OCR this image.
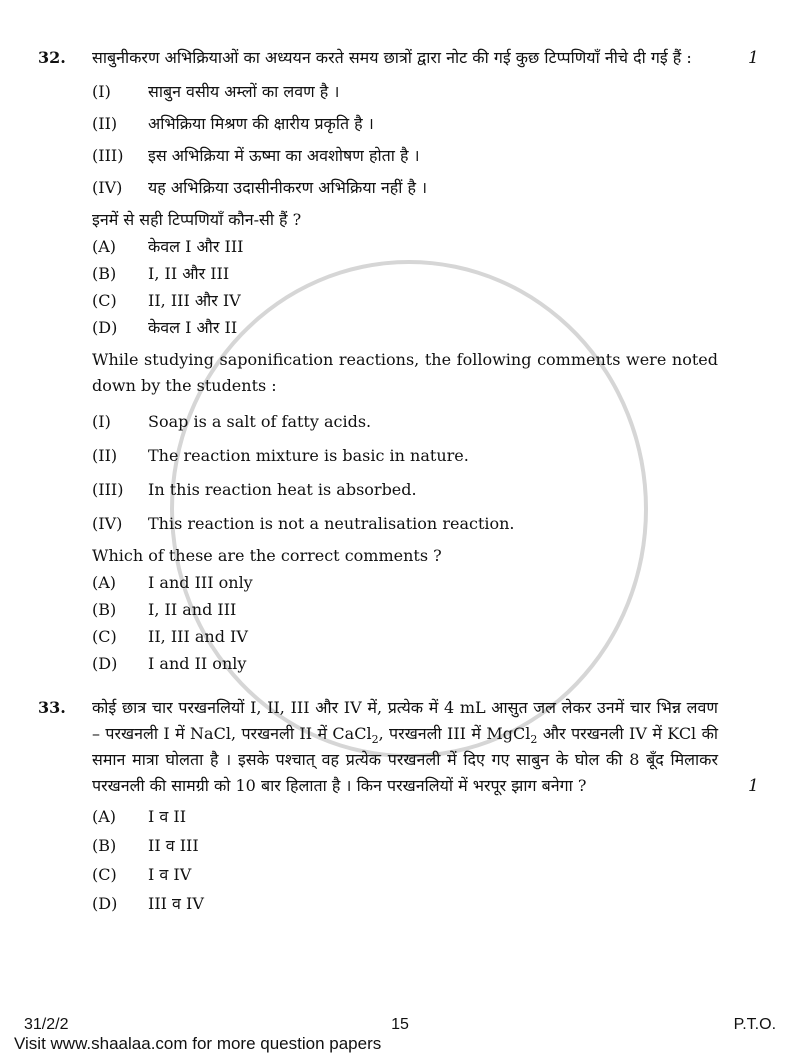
32.	साबुनीकरण अभिक्रियाओं का अध्ययन करते समय छात्रों द्वारा नोट की गई कुछ टिप्पणियाँ नीचे दी गई हैं :	1
(I)	साबुन वसीय अम्लों का लवण है ।
(II)	अभिक्रिया मिश्रण की क्षारीय प्रकृति है ।
(III)	इस अभिक्रिया में ऊष्मा का अवशोषण होता है ।
(IV)	यह अभिक्रिया उदासीनीकरण अभिक्रिया नहीं है ।
इनमें से सही टिप्पणियाँ कौन-सी हैं ?
(A)	केवल I और III
(B)	I, II और III
(C)	II, III और IV
(D)	केवल I और II
While studying saponification reactions, the following comments were noted down by the students :
(I)	Soap is a salt of fatty acids.
(II)	The reaction mixture is basic in nature.
(III)	In this reaction heat is absorbed.
(IV)	This reaction is not a neutralisation reaction.
Which of these are the correct comments ?
(A)	I and III only
(B)	I, II and III
(C)	II, III and IV
(D)	I and II only
33.	कोई छात्र चार परखनलियों I, II, III और IV में, प्रत्येक में 4 mL आसुत जल लेकर उनमें चार भिन्न लवण – परखनली I में NaCl, परखनली II में CaCl$_2$, परखनली III में MgCl$_2$ और परखनली IV में KCl की समान मात्रा घोलता है । इसके पश्चात् वह प्रत्येक परखनली में दिए गए साबुन के घोल की 8 बूँद मिलाकर परखनली की सामग्री को 10 बार हिलाता है । किन परखनलियों में भरपूर झाग बनेगा ?	1
(A)	I व II
(B)	II व III
(C)	I व IV
(D)	III व IV
31/2/2	15	P.T.O.
Visit www.shaalaa.com for more question papers
